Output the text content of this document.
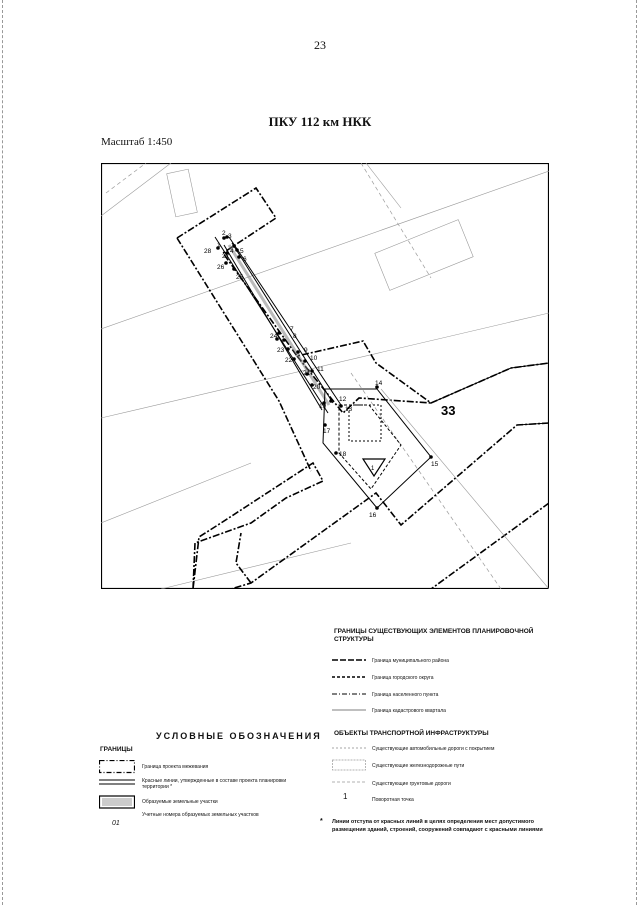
23
ПКУ 112 км НКК
Масштаб 1:450
1
2 3
4 5
6
7
8
9
10
11
12
13
14
15
16
17
18
19
20
21
22
23
24
25
26
27
28
33
1
УСЛОВНЫЕ ОБОЗНАЧЕНИЯ
ГРАНИЦЫ
Граница проекта межевания
Красные линии, утвержденные в составе проекта планировки территории *
Образуемые земельные участки
Учетные номера образуемых земельных участков
01
ГРАНИЦЫ СУЩЕСТВУЮЩИХ ЭЛЕМЕНТОВ ПЛАНИРОВОЧНОЙ СТРУКТУРЫ
Граница муниципального района
Граница городского округа
Граница населенного пункта
Граница кадастрового квартала
ОБЪЕКТЫ ТРАНСПОРТНОЙ ИНФРАСТРУКТУРЫ
Существующие автомобильные дороги с покрытием
Существующие железнодорожные пути
Существующие грунтовые дороги
Поворотная точка
1
* Линии отступа от красных линий в целях определения мест допустимого размещения зданий, строений, сооружений совпадают с красными линиями
